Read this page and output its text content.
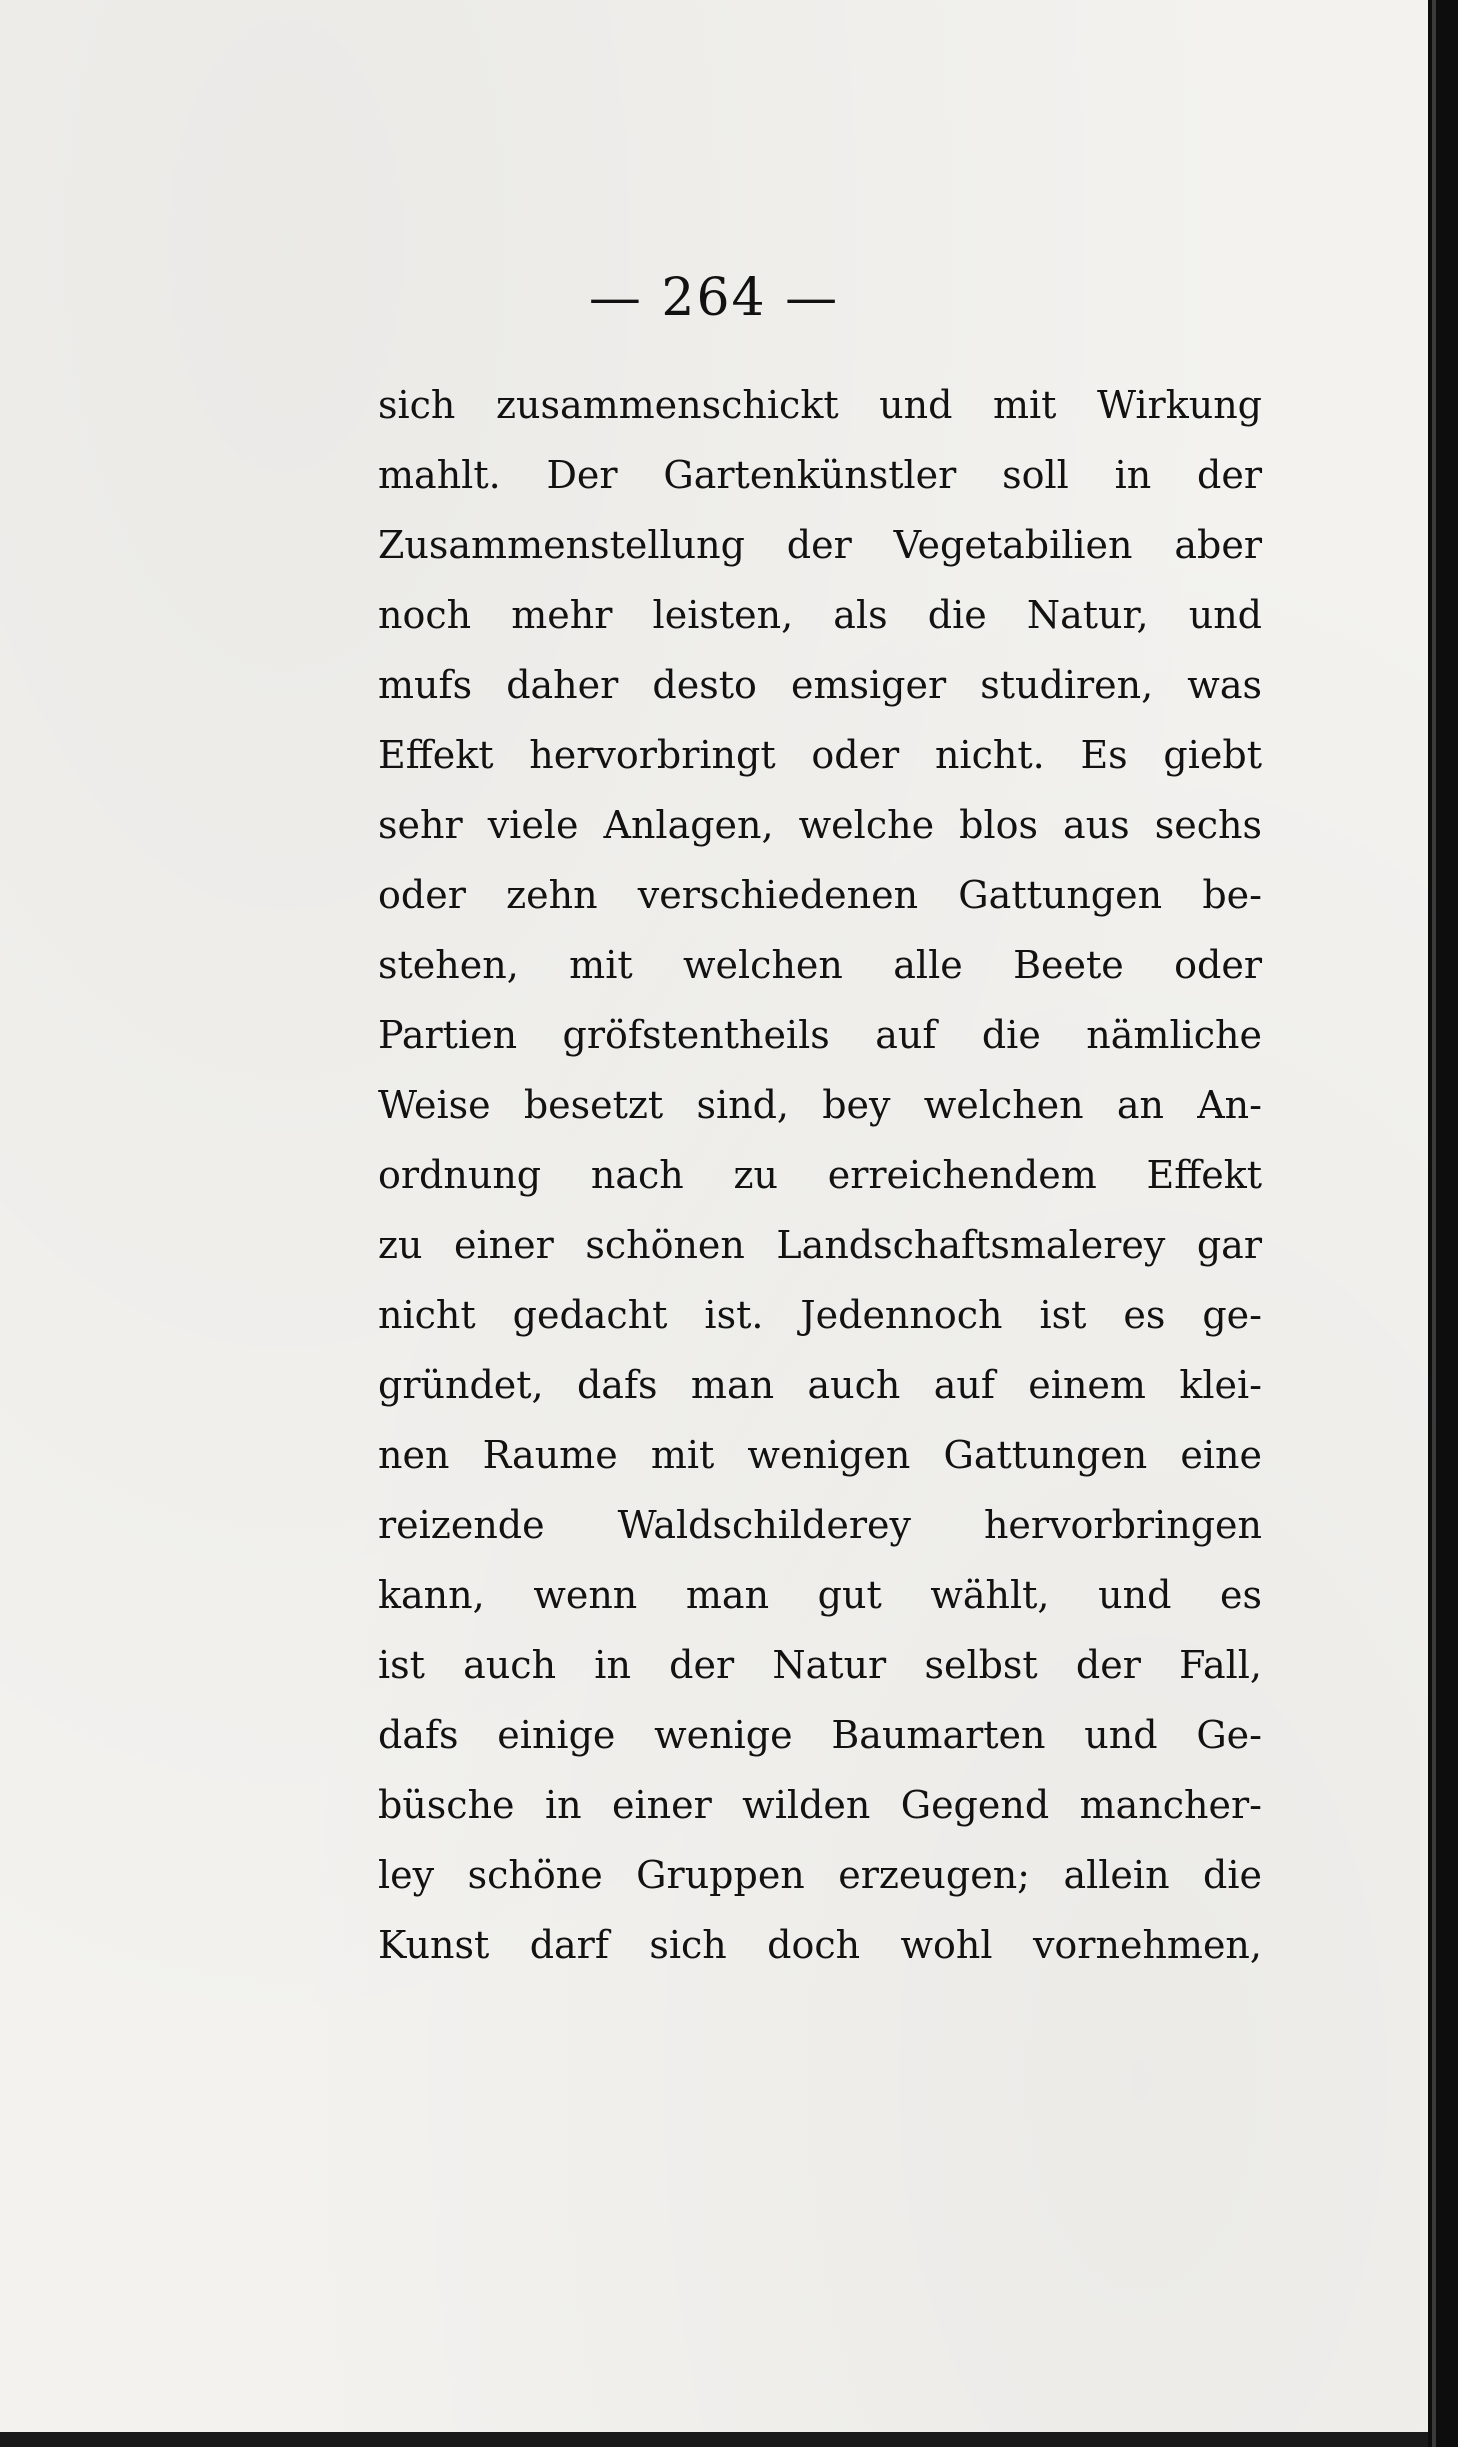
— 264 —
sich zusammenschickt und mit Wirkung
mahlt. Der Gartenkünstler soll in der
Zusammenstellung der Vegetabilien aber
noch mehr leisten, als die Natur, und
mufs daher desto emsiger studiren, was
Effekt hervorbringt oder nicht. Es giebt
sehr viele Anlagen, welche blos aus sechs
oder zehn verschiedenen Gattungen be-
stehen, mit welchen alle Beete oder
Partien gröfstentheils auf die nämliche
Weise besetzt sind, bey welchen an An-
ordnung nach zu erreichendem Effekt
zu einer schönen Landschaftsmalerey gar
nicht gedacht ist. Jedennoch ist es ge-
gründet, dafs man auch auf einem klei-
nen Raume mit wenigen Gattungen eine
reizende Waldschilderey hervorbringen
kann, wenn man gut wählt, und es
ist auch in der Natur selbst der Fall,
dafs einige wenige Baumarten und Ge-
büsche in einer wilden Gegend mancher-
ley schöne Gruppen erzeugen; allein die
Kunst darf sich doch wohl vornehmen,
